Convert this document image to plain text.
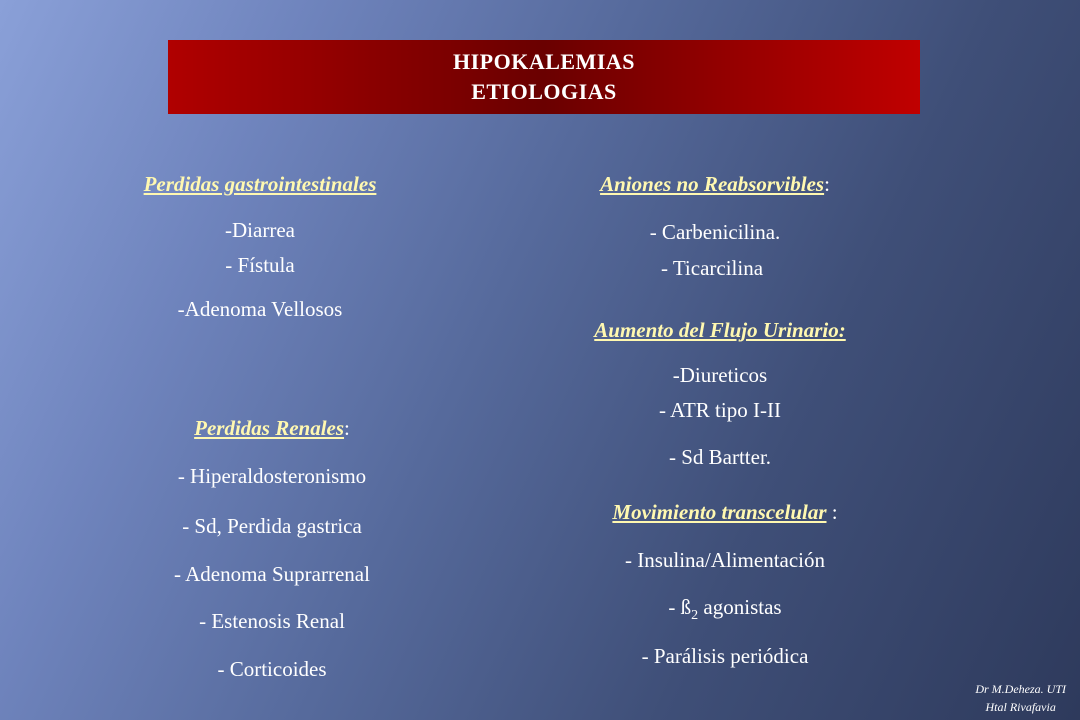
HIPOKALEMIAS
ETIOLOGIAS
Perdidas gastrointestinales
-Diarrea
- Fístula
-Adenoma Vellosos
Perdidas Renales:
- Hiperaldosteronismo
- Sd, Perdida gastrica
- Adenoma Suprarrenal
- Estenosis Renal
- Corticoides
Aniones no Reabsorvibles:
- Carbenicilina.
- Ticarcilina
Aumento del Flujo Urinario:
-Diureticos
- ATR tipo I-II
- Sd Bartter.
Movimiento transcelular :
- Insulina/Alimentación
- $ß_2$ agonistas
- Parálisis periódica
Dr M.Deheza. UTI
Htal Rivafavia
